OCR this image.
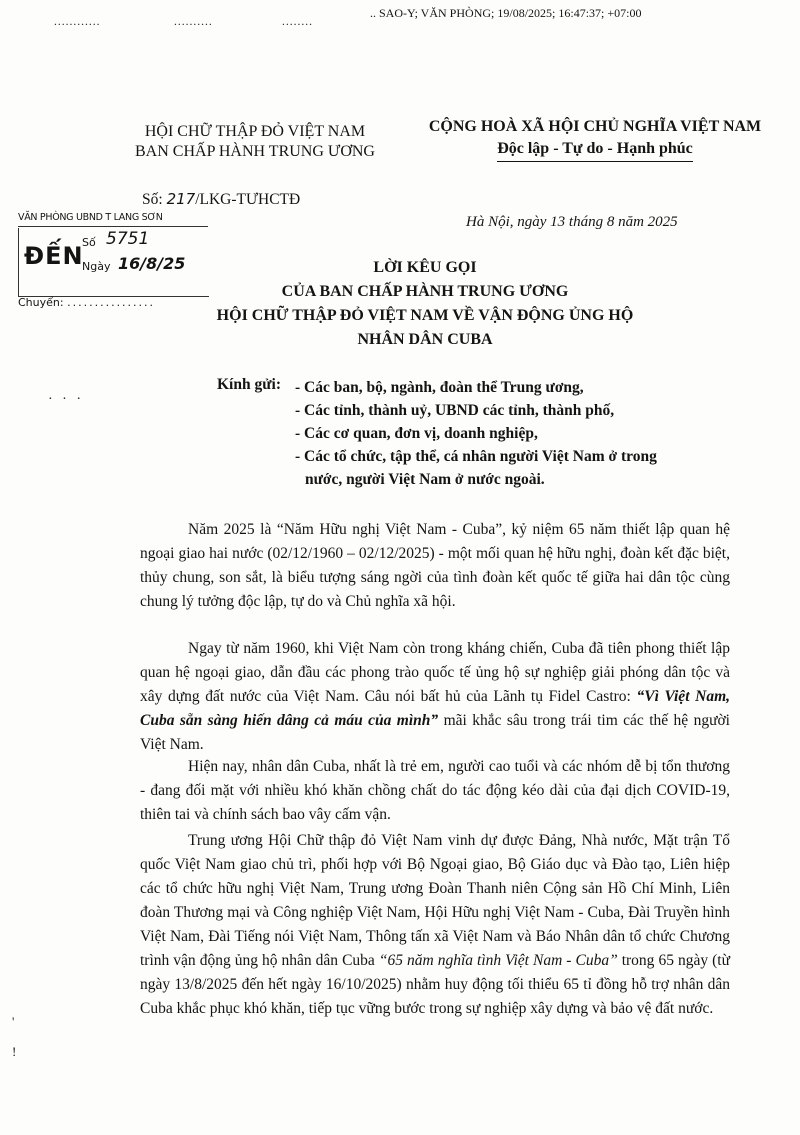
............	..........	........
.. SAO-Y; VĂN PHÒNG; 19/08/2025; 16:47:37; +07:00
HỘI CHỮ THẬP ĐỎ VIỆT NAM
BAN CHẤP HÀNH TRUNG ƯƠNG
CỘNG HOÀ XÃ HỘI CHỦ NGHĨA VIỆT NAM
Độc lập - Tự do - Hạnh phúc
Số: 217/LKG-TƯHCTĐ
Hà Nội, ngày 13 tháng 8 năm 2025
VĂN PHÒNG UBND T LANG SƠN
ĐẾN
Số 5751
Ngày 16/8/25
Chuyển: ................
LỜI KÊU GỌI
CỦA BAN CHẤP HÀNH TRUNG ƯƠNG
HỘI CHỮ THẬP ĐỎ VIỆT NAM VỀ VẬN ĐỘNG ỦNG HỘ
NHÂN DÂN CUBA
Kính gửi: - Các ban, bộ, ngành, đoàn thể Trung ương,
- Các tỉnh, thành uỷ, UBND các tỉnh, thành phố,
- Các cơ quan, đơn vị, doanh nghiệp,
- Các tổ chức, tập thể, cá nhân người Việt Nam ở trong
nước, người Việt Nam ở nước ngoài.
· · ·

Năm 2025 là “Năm Hữu nghị Việt Nam - Cuba”, kỷ niệm 65 năm thiết lập quan hệ ngoại giao hai nước (02/12/1960 – 02/12/2025) - một mối quan hệ hữu nghị, đoàn kết đặc biệt, thủy chung, son sắt, là biểu tượng sáng ngời của tình đoàn kết quốc tế giữa hai dân tộc cùng chung lý tưởng độc lập, tự do và Chủ nghĩa xã hội.

Ngay từ năm 1960, khi Việt Nam còn trong kháng chiến, Cuba đã tiên phong thiết lập quan hệ ngoại giao, dẫn đầu các phong trào quốc tế ủng hộ sự nghiệp giải phóng dân tộc và xây dựng đất nước của Việt Nam. Câu nói bất hủ của Lãnh tụ Fidel Castro: “Vì Việt Nam, Cuba sẵn sàng hiến dâng cả máu của mình” mãi khắc sâu trong trái tim các thế hệ người Việt Nam.

Hiện nay, nhân dân Cuba, nhất là trẻ em, người cao tuổi và các nhóm dễ bị tổn thương - đang đối mặt với nhiều khó khăn chồng chất do tác động kéo dài của đại dịch COVID-19, thiên tai và chính sách bao vây cấm vận.

Trung ương Hội Chữ thập đỏ Việt Nam vinh dự được Đảng, Nhà nước, Mặt trận Tổ quốc Việt Nam giao chủ trì, phối hợp với Bộ Ngoại giao, Bộ Giáo dục và Đào tạo, Liên hiệp các tổ chức hữu nghị Việt Nam, Trung ương Đoàn Thanh niên Cộng sản Hồ Chí Minh, Liên đoàn Thương mại và Công nghiệp Việt Nam, Hội Hữu nghị Việt Nam - Cuba, Đài Truyền hình Việt Nam, Đài Tiếng nói Việt Nam, Thông tấn xã Việt Nam và Báo Nhân dân tổ chức Chương trình vận động ủng hộ nhân dân Cuba “65 năm nghĩa tình Việt Nam - Cuba” trong 65 ngày (từ ngày 13/8/2025 đến hết ngày 16/10/2025) nhằm huy động tối thiểu 65 tỉ đồng hỗ trợ nhân dân Cuba khắc phục khó khăn, tiếp tục vững bước trong sự nghiệp xây dựng và bảo vệ đất nước.

'
!
